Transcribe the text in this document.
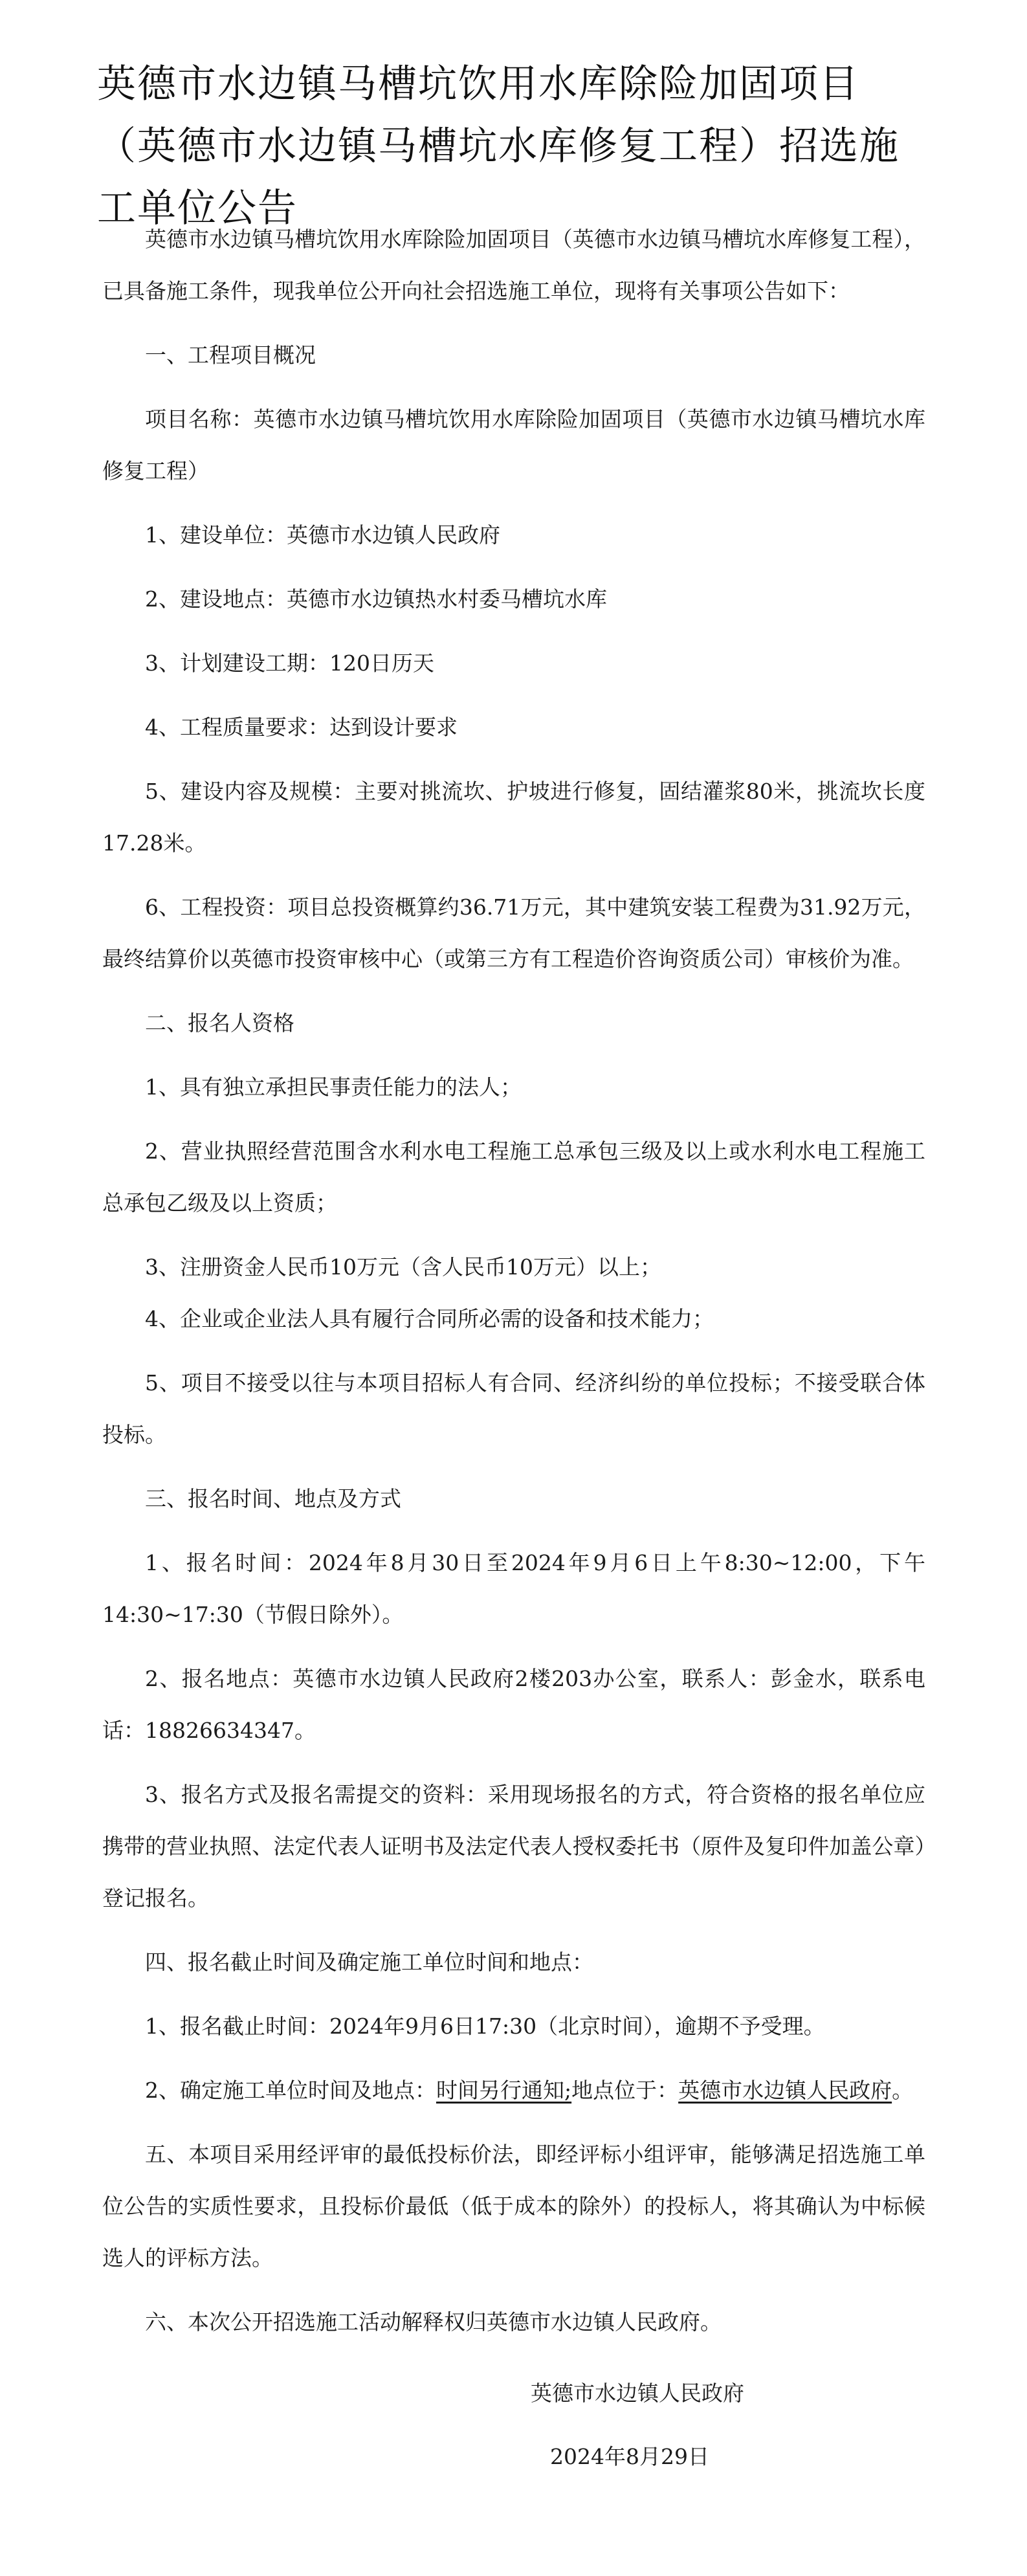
英德市水边镇马槽坑饮用水库除险加固项目（英德市水边镇马槽坑水库修复工程）招选施工单位公告

英德市水边镇马槽坑饮用水库除险加固项目（英德市水边镇马槽坑水库修复工程），已具备施工条件，现我单位公开向社会招选施工单位，现将有关事项公告如下：

一、工程项目概况

项目名称：英德市水边镇马槽坑饮用水库除险加固项目（英德市水边镇马槽坑水库修复工程）

1、建设单位：英德市水边镇人民政府

2、建设地点：英德市水边镇热水村委马槽坑水库

3、计划建设工期：120日历天

4、工程质量要求：达到设计要求

5、建设内容及规模：主要对挑流坎、护坡进行修复，固结灌浆80米，挑流坎长度17.28米。

6、工程投资：项目总投资概算约36.71万元，其中建筑安装工程费为31.92万元，最终结算价以英德市投资审核中心（或第三方有工程造价咨询资质公司）审核价为准。

二、报名人资格

1、具有独立承担民事责任能力的法人；

2、营业执照经营范围含水利水电工程施工总承包三级及以上或水利水电工程施工总承包乙级及以上资质；

3、注册资金人民币10万元（含人民币10万元）以上；

4、企业或企业法人具有履行合同所必需的设备和技术能力；

5、项目不接受以往与本项目招标人有合同、经济纠纷的单位投标；不接受联合体投标。

三、报名时间、地点及方式

1、报名时间：2024年8月30日至2024年9月6日上午8:30~12:00，下午14:30~17:30（节假日除外）。

2、报名地点：英德市水边镇人民政府2楼203办公室，联系人：彭金水，联系电话：18826634347。

3、报名方式及报名需提交的资料：采用现场报名的方式，符合资格的报名单位应携带的营业执照、法定代表人证明书及法定代表人授权委托书（原件及复印件加盖公章）登记报名。

四、报名截止时间及确定施工单位时间和地点：

1、报名截止时间：2024年9月6日17:30（北京时间），逾期不予受理。

2、确定施工单位时间及地点：时间另行通知;地点位于：英德市水边镇人民政府。

五、本项目采用经评审的最低投标价法，即经评标小组评审，能够满足招选施工单位公告的实质性要求，且投标价最低（低于成本的除外）的投标人，将其确认为中标候选人的评标方法。

六、本次公开招选施工活动解释权归英德市水边镇人民政府。

英德市水边镇人民政府
2024年8月29日
